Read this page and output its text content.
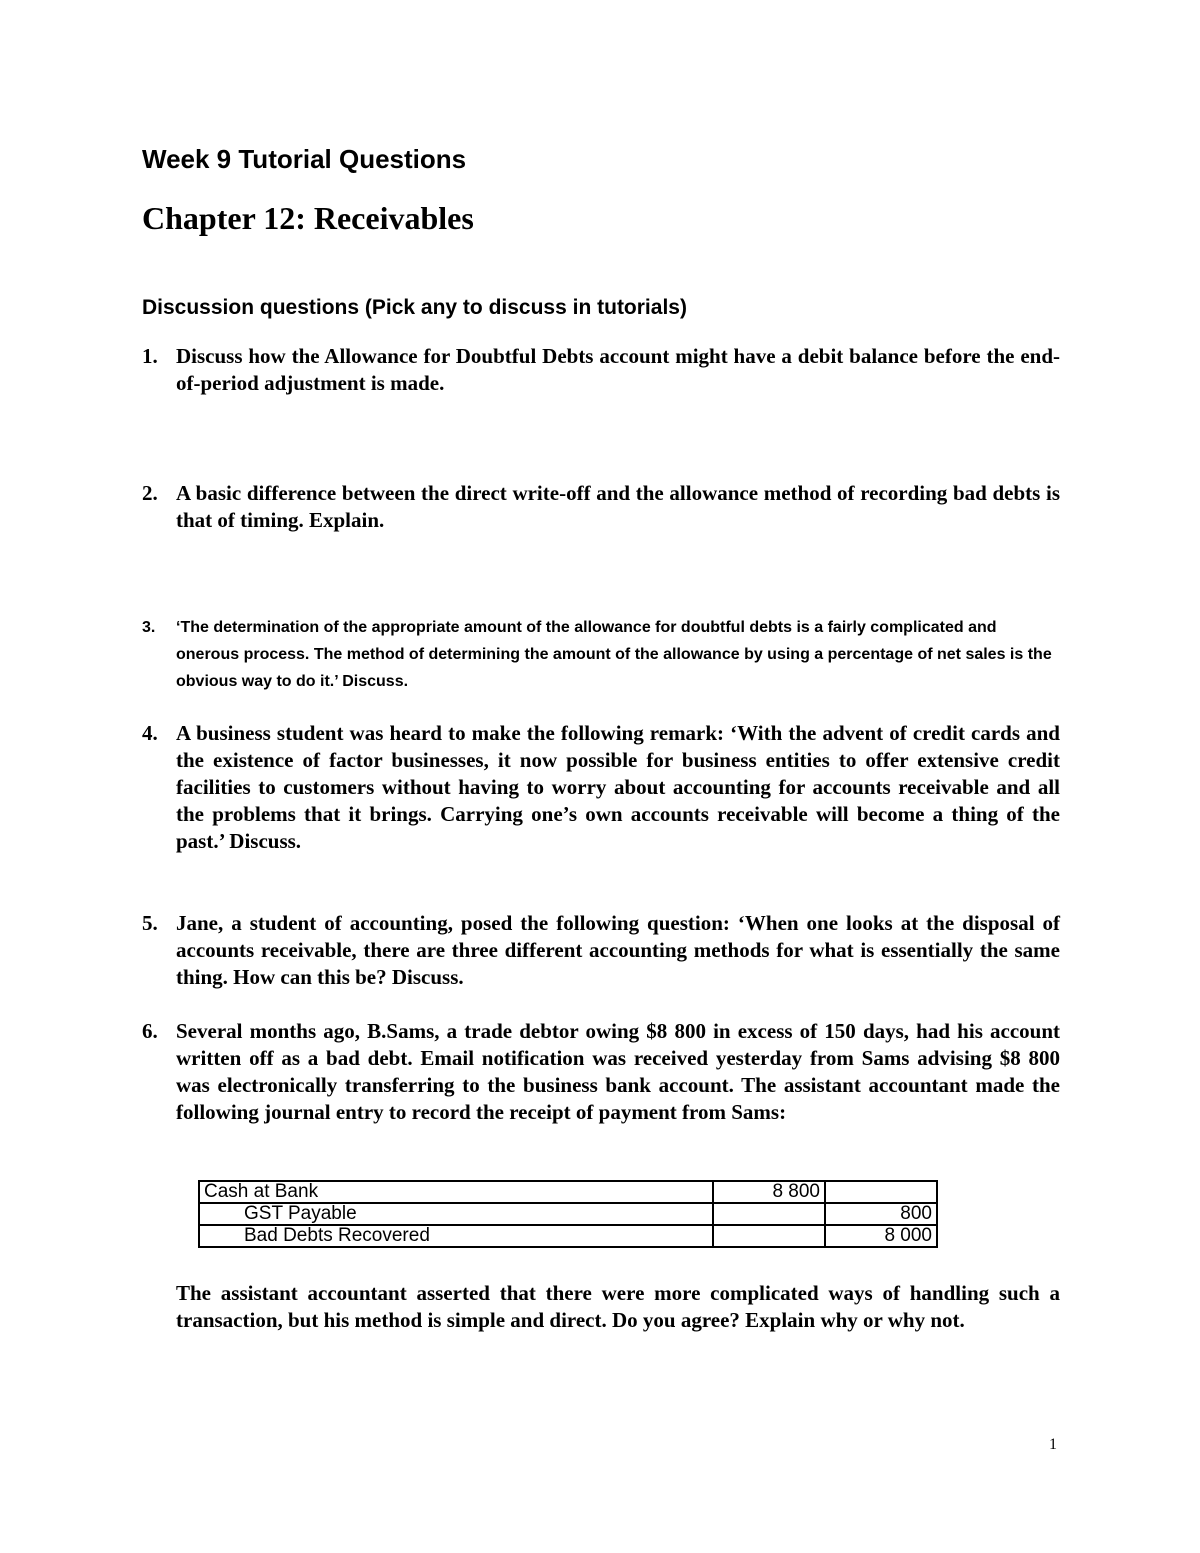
Week 9 Tutorial Questions
Chapter 12: Receivables
Discussion questions (Pick any to discuss in tutorials)
1. Discuss how the Allowance for Doubtful Debts account might have a debit balance before the end-of-period adjustment is made.
2. A basic difference between the direct write-off and the allowance method of recording bad debts is that of timing. Explain.
3.	‘The determination of the appropriate amount of the allowance for doubtful debts is a fairly complicated and onerous process. The method of determining the amount of the allowance by using a percentage of net sales is the obvious way to do it.’ Discuss.
4. A business student was heard to make the following remark: ‘With the advent of credit cards and the existence of factor businesses, it now possible for business entities to offer extensive credit facilities to customers without having to worry about accounting for accounts receivable and all the problems that it brings. Carrying one’s own accounts receivable will become a thing of the past.’ Discuss.
5. Jane, a student of accounting, posed the following question: ‘When one looks at the disposal of accounts receivable, there are three different accounting methods for what is essentially the same thing. How can this be? Discuss.
6. Several months ago, B.Sams, a trade debtor owing $8 800 in excess of 150 days, had his account written off as a bad debt. Email notification was received yesterday from Sams advising $8 800 was electronically transferring to the business bank account. The assistant accountant made the following journal entry to record the receipt of payment from Sams:
Cash at Bank	8 800	
GST Payable		800
Bad Debts Recovered		8 000
The assistant accountant asserted that there were more complicated ways of handling such a transaction, but his method is simple and direct. Do you agree? Explain why or why not.
1
